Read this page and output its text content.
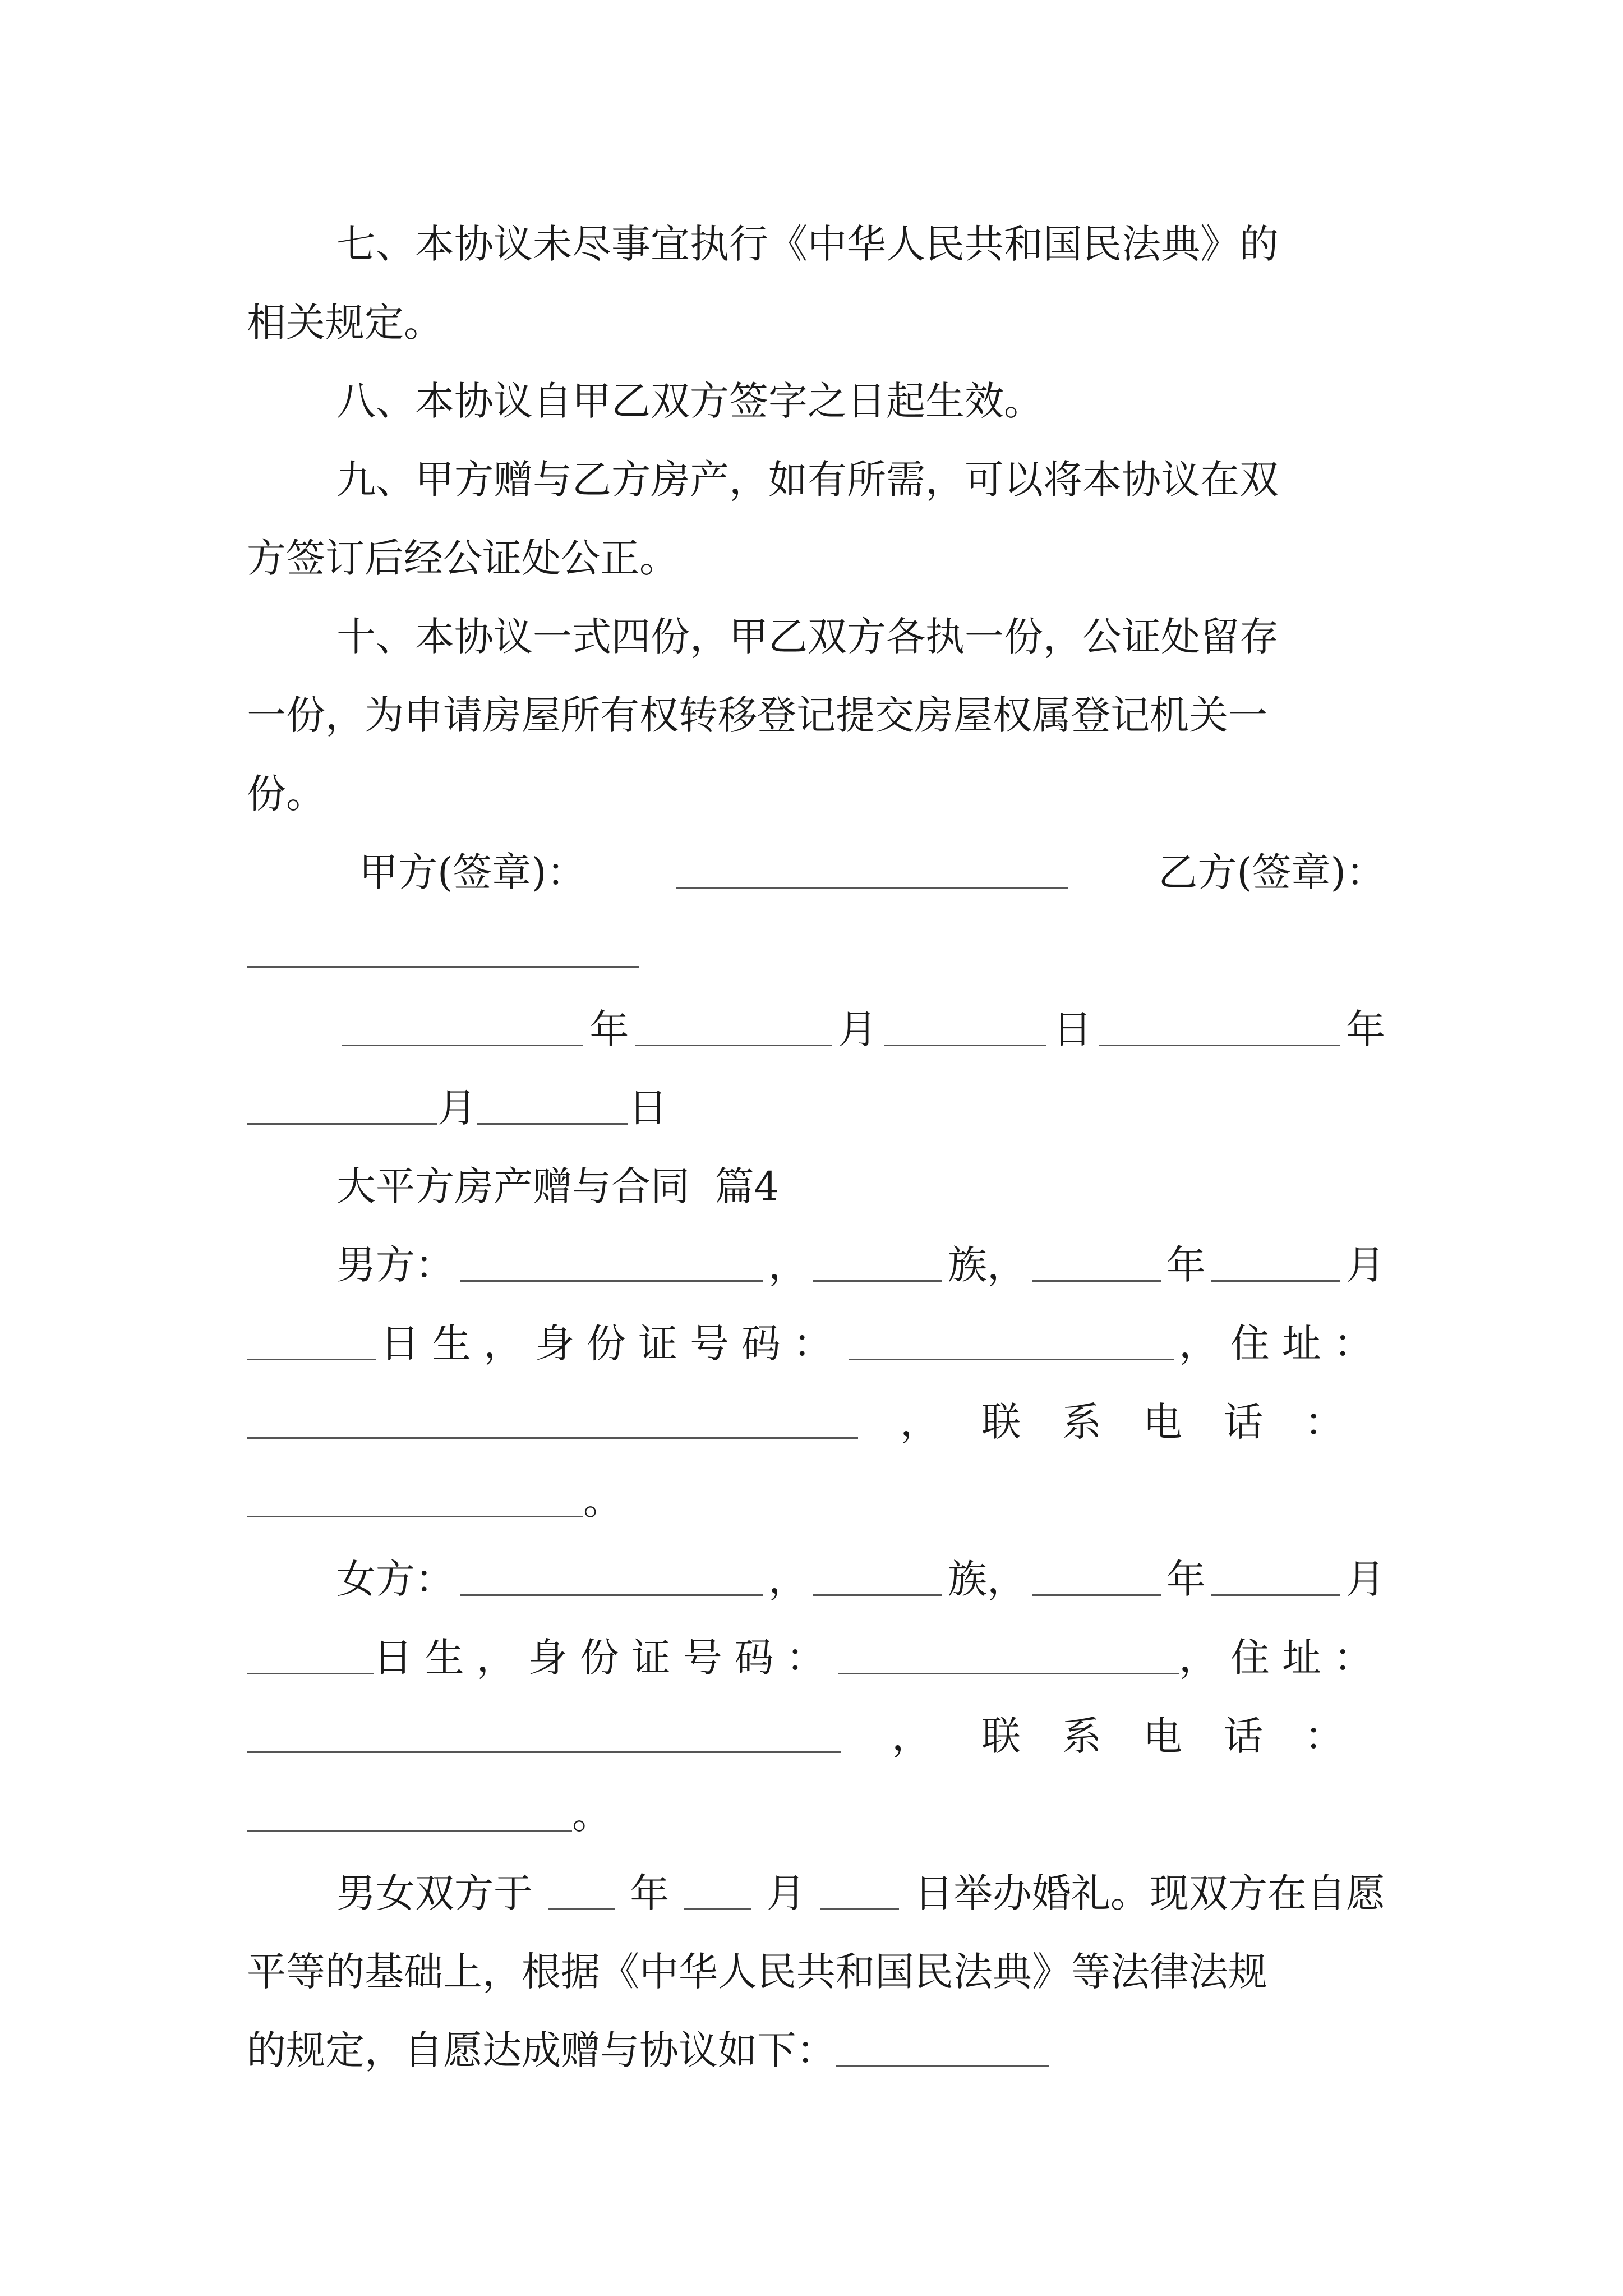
七、本协议未尽事宜执行《中华人民共和国民法典》的
相关规定。
八、本协议自甲乙双方签字之日起生效。
九、甲方赠与乙方房产，如有所需，可以将本协议在双
方签订后经公证处公正。
十、本协议一式四份，甲乙双方各执一份，公证处留存
一份，为申请房屋所有权转移登记提交房屋权属登记机关一
份。
甲方(签章)：	乙方(签章)：
年	月	日	年
月	日
大平方房产赠与合同  篇4
男方：	，	族，	年	月
日生，身份证号码：	，住址：
， 联系电话：
。
女方：	，	族，	年	月
日生，身份证号码：	，住址：
， 联系电话：
。
男女双方于 年 月	日举办婚礼。现双方在自愿
平等的基础上，根据《中华人民共和国民法典》等法律法规
的规定，自愿达成赠与协议如下：
